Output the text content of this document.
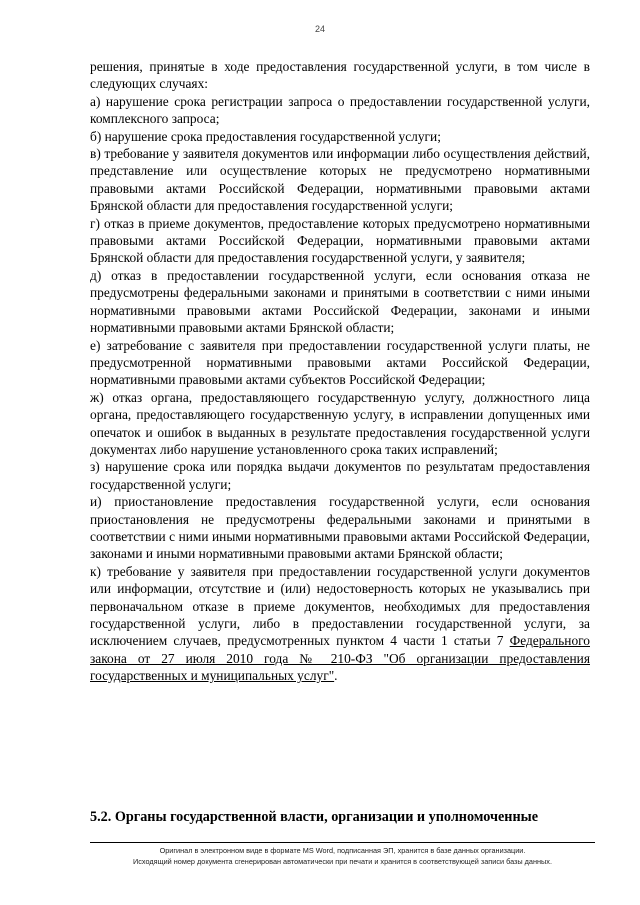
24

решения, принятые в ходе предоставления государственной услуги, в том числе в следующих случаях:

а) нарушение срока регистрации запроса о предоставлении государственной услуги, комплексного запроса;

б) нарушение срока предоставления государственной услуги;

в) требование у заявителя документов или информации либо осуществления действий, представление или осуществление которых не предусмотрено нормативными правовыми актами Российской Федерации, нормативными правовыми актами Брянской области для предоставления государственной услуги;

г) отказ в приеме документов, предоставление которых предусмотрено нормативными правовыми актами Российской Федерации, нормативными правовыми актами Брянской области для предоставления государственной услуги, у заявителя;

д) отказ в предоставлении государственной услуги, если основания отказа не предусмотрены федеральными законами и принятыми в соответствии с ними иными нормативными правовыми актами Российской Федерации, законами и иными нормативными правовыми актами Брянской области;

е) затребование с заявителя при предоставлении государственной услуги платы, не предусмотренной нормативными правовыми актами Российской Федерации, нормативными правовыми актами субъектов Российской Федерации;

ж) отказ органа, предоставляющего государственную услугу, должностного лица органа, предоставляющего государственную услугу, в исправлении допущенных ими опечаток и ошибок в выданных в результате предоставления государственной услуги документах либо нарушение установленного срока таких исправлений;

з) нарушение срока или порядка выдачи документов по результатам предоставления государственной услуги;

и) приостановление предоставления государственной услуги, если основания приостановления не предусмотрены федеральными законами и принятыми в соответствии с ними иными нормативными правовыми актами Российской Федерации, законами и иными нормативными правовыми актами Брянской области;

к) требование у заявителя при предоставлении государственной услуги документов или информации, отсутствие и (или) недостоверность которых не указывались при первоначальном отказе в приеме документов, необходимых для предоставления государственной услуги, либо в предоставлении государственной услуги, за исключением случаев, предусмотренных пунктом 4 части 1 статьи 7 Федерального закона от 27 июля 2010 года № 210-ФЗ "Об организации предоставления государственных и муниципальных услуг".

5.2. Органы государственной власти, организации и уполномоченные

Оригинал в электронном виде в формате MS Word, подписанная ЭП, хранится в базе данных организации.

Исходящий номер документа сгенерирован автоматически при печати и хранится в соответствующей записи базы данных.
